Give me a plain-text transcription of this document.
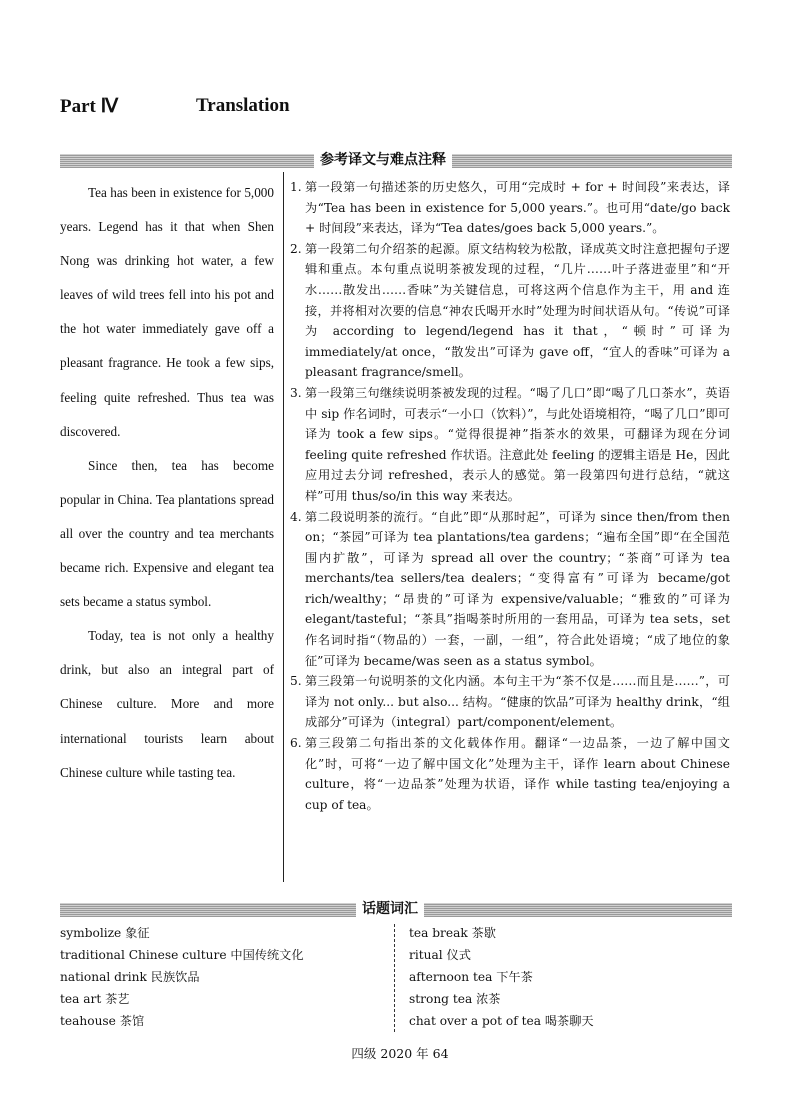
Part Ⅳ	Translation
参考译文与难点注释

Tea has been in existence for 5,000 years. Legend has it that when Shen Nong was drinking hot water, a few leaves of wild trees fell into his pot and the hot water immediately gave off a pleasant fragrance. He took a few sips, feeling quite refreshed. Thus tea was discovered.

Since then, tea has become popular in China. Tea plantations spread all over the country and tea merchants became rich. Expensive and elegant tea sets became a status symbol.

Today, tea is not only a healthy drink, but also an integral part of Chinese culture. More and more international tourists learn about Chinese culture while tasting tea.

1. 第一段第一句描述茶的历史悠久，可用“完成时 + for + 时间段”来表达，译为“Tea has been in existence for 5,000 years.”。也可用“date/go back + 时间段”来表达，译为“Tea dates/goes back 5,000 years.”。
2. 第一段第二句介绍茶的起源。原文结构较为松散，译成英文时注意把握句子逻辑和重点。本句重点说明茶被发现的过程，“几片……叶子落进壶里”和“开水……散发出……香味”为关键信息，可将这两个信息作为主干，用 and 连接，并将相对次要的信息“神农氏喝开水时”处理为时间状语从句。“传说”可译为 according to legend/legend has it that，“顿时”可译为 immediately/at once，“散发出”可译为 gave off，“宜人的香味”可译为 a pleasant fragrance/smell。
3. 第一段第三句继续说明茶被发现的过程。“喝了几口”即“喝了几口茶水”，英语中 sip 作名词时，可表示“一小口（饮料）”，与此处语境相符，“喝了几口”即可译为 took a few sips。“觉得很提神”指茶水的效果，可翻译为现在分词 feeling quite refreshed 作状语。注意此处 feeling 的逻辑主语是 He，因此应用过去分词 refreshed，表示人的感觉。第一段第四句进行总结，“就这样”可用 thus/so/in this way 来表达。
4. 第二段说明茶的流行。“自此”即“从那时起”，可译为 since then/from then on；“茶园”可译为 tea plantations/tea gardens；“遍布全国”即“在全国范围内扩散”，可译为 spread all over the country；“茶商”可译为 tea merchants/tea sellers/tea dealers；“变得富有”可译为 became/got rich/wealthy；“昂贵的”可译为 expensive/valuable；“雅致的”可译为 elegant/tasteful；“茶具”指喝茶时所用的一套用品，可译为 tea sets，set 作名词时指“（物品的）一套，一副，一组”，符合此处语境；“成了地位的象征”可译为 became/was seen as a status symbol。
5. 第三段第一句说明茶的文化内涵。本句主干为“茶不仅是……而且是……”，可译为 not only... but also... 结构。“健康的饮品”可译为 healthy drink，“组成部分”可译为（integral）part/component/element。
6. 第三段第二句指出茶的文化载体作用。翻译“一边品茶，一边了解中国文化”时，可将“一边了解中国文化”处理为主干，译作 learn about Chinese culture，将“一边品茶”处理为状语，译作 while tasting tea/enjoying a cup of tea。
话题词汇
symbolize 象征
traditional Chinese culture 中国传统文化
national drink 民族饮品
tea art 茶艺
teahouse 茶馆
tea break 茶歇
ritual 仪式
afternoon tea 下午茶
strong tea 浓茶
chat over a pot of tea 喝茶聊天
四级 2020 年 64
